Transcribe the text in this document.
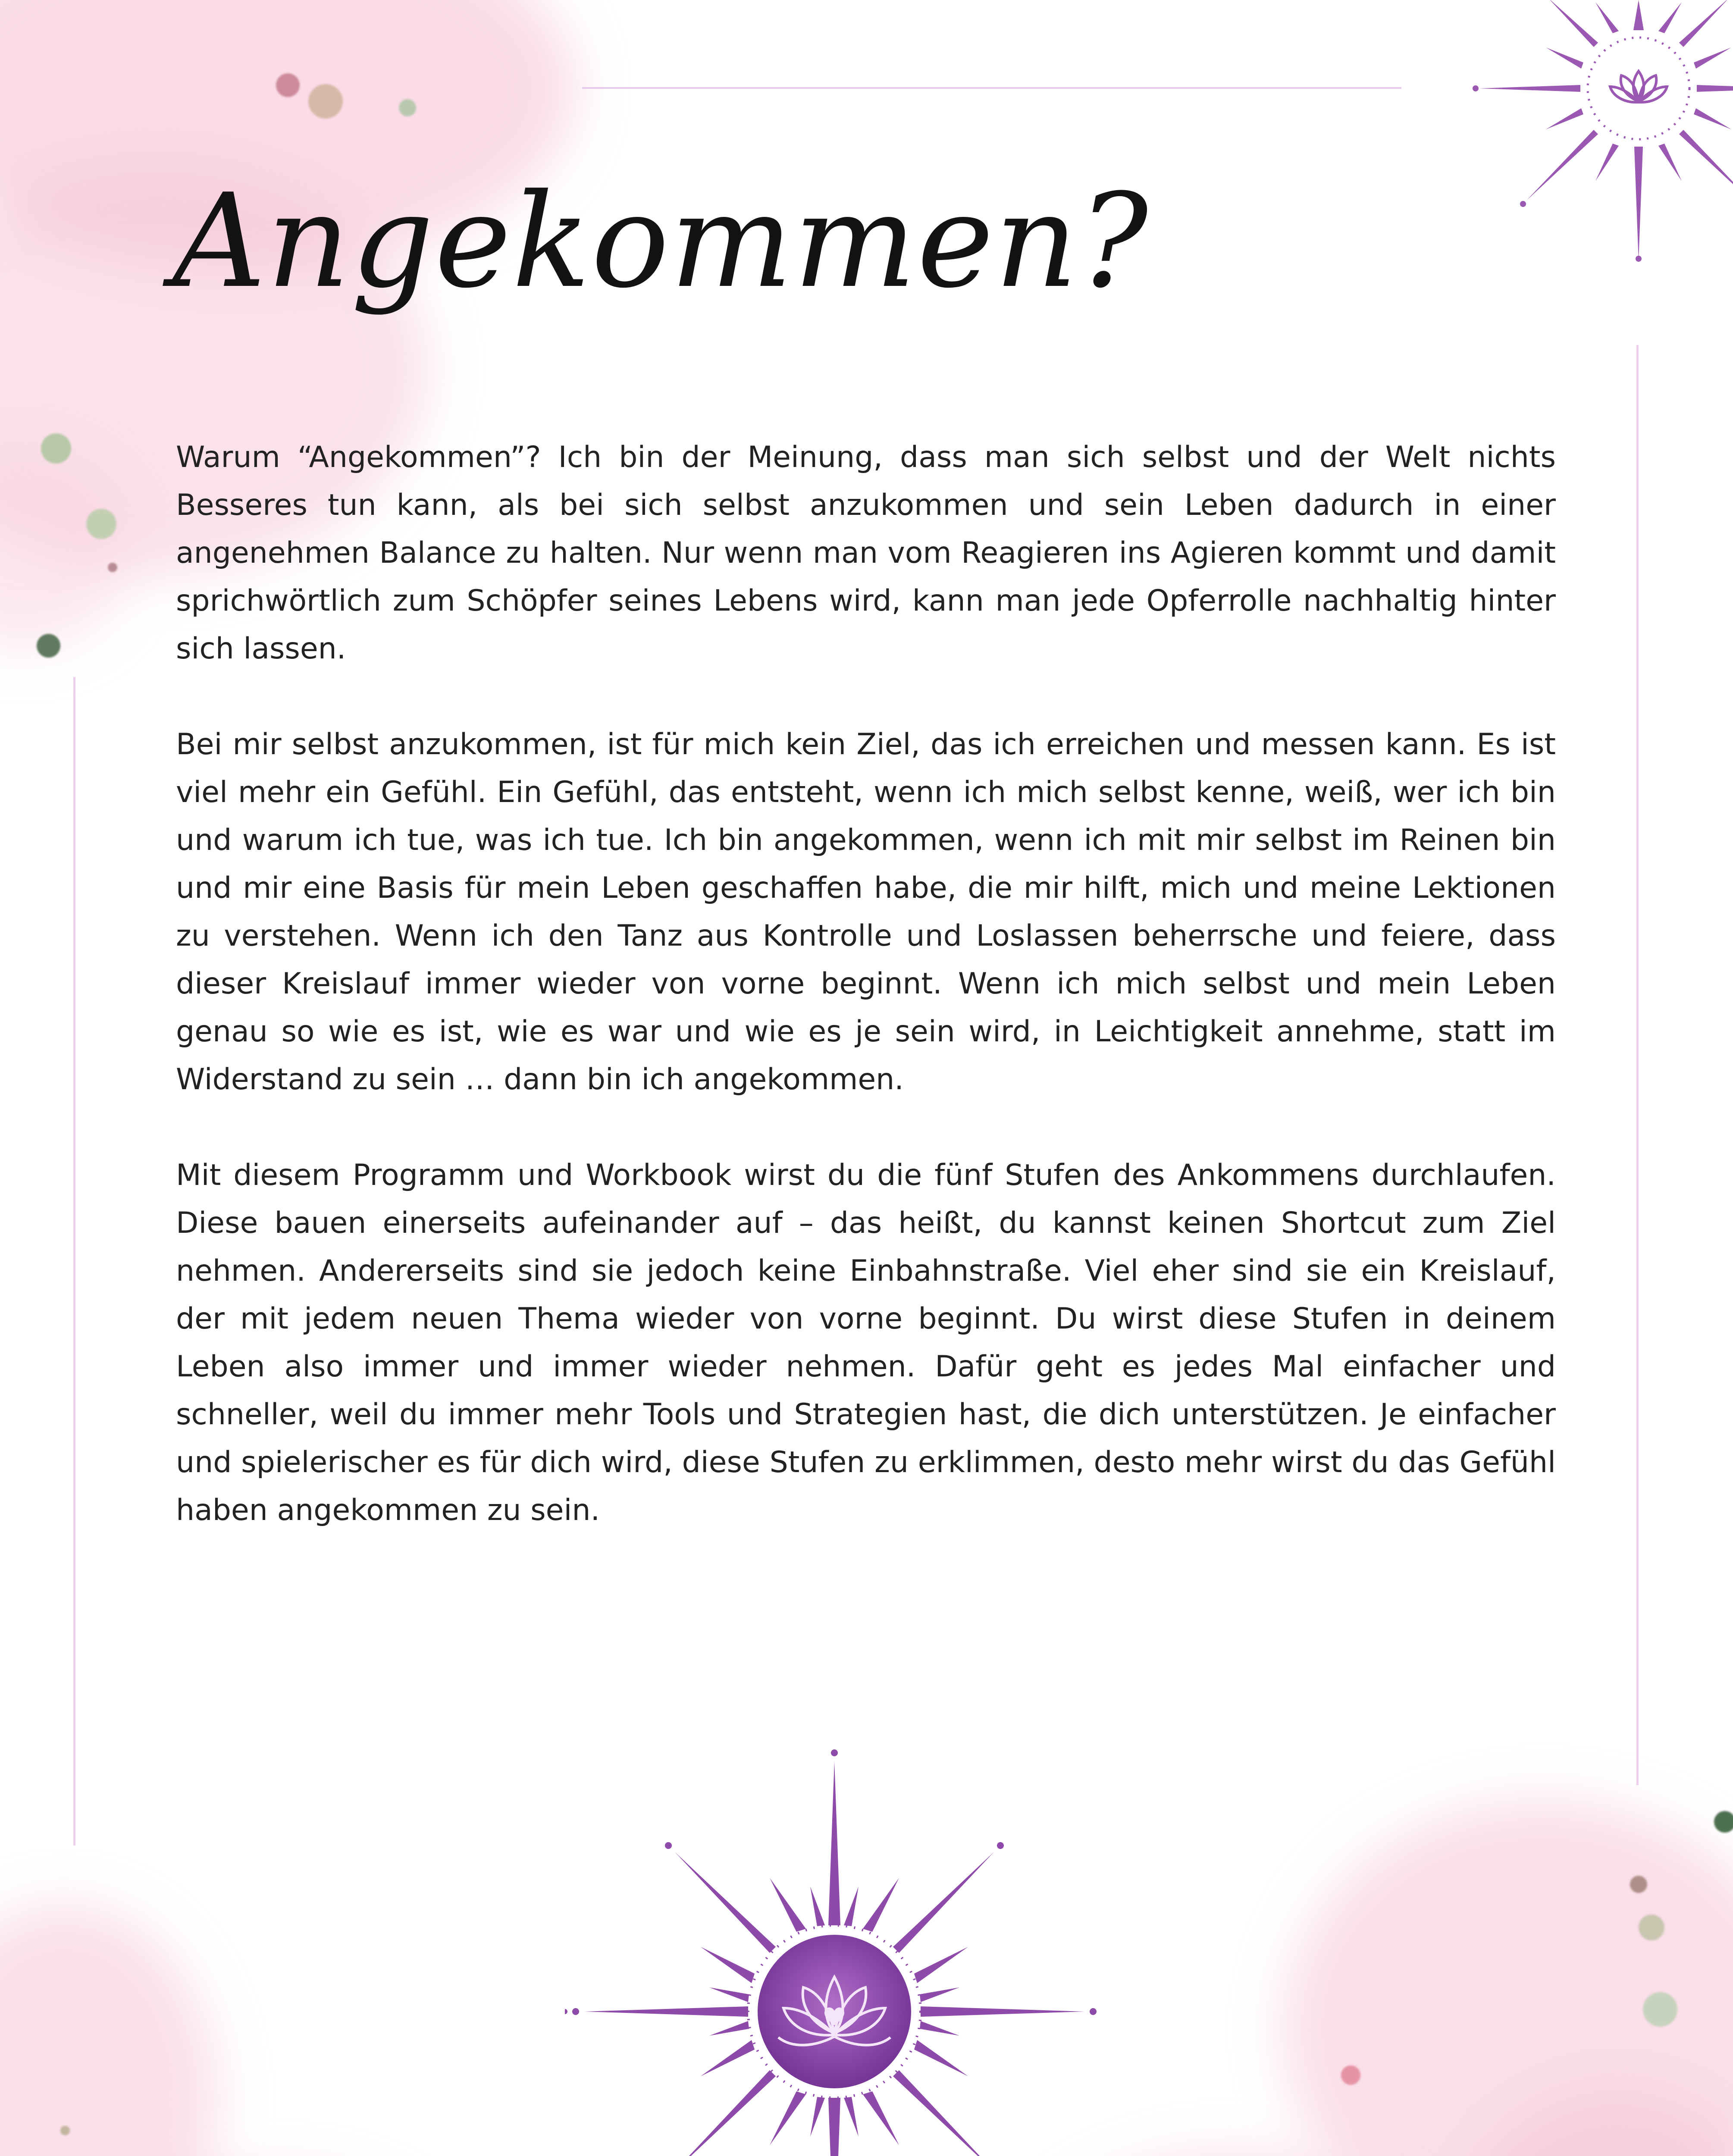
Angekommen?

Warum “Angekommen”? Ich bin der Meinung, dass man sich selbst und der Welt nichts Besseres tun kann, als bei sich selbst anzukommen und sein Leben dadurch in einer angenehmen Balance zu halten. Nur wenn man vom Reagieren ins Agieren kommt und damit sprichwörtlich zum Schöpfer seines Lebens wird, kann man jede Opferrolle nachhaltig hinter sich lassen.

Bei mir selbst anzukommen, ist für mich kein Ziel, das ich erreichen und messen kann. Es ist viel mehr ein Gefühl. Ein Gefühl, das entsteht, wenn ich mich selbst kenne, weiß, wer ich bin und warum ich tue, was ich tue. Ich bin angekommen, wenn ich mit mir selbst im Reinen bin und mir eine Basis für mein Leben geschaffen habe, die mir hilft, mich und meine Lektionen zu verstehen. Wenn ich den Tanz aus Kontrolle und Loslassen beherrsche und feiere, dass dieser Kreislauf immer wieder von vorne beginnt. Wenn ich mich selbst und mein Leben genau so wie es ist, wie es war und wie es je sein wird, in Leichtigkeit annehme, statt im Widerstand zu sein … dann bin ich angekommen.

Mit diesem Programm und Workbook wirst du die fünf Stufen des Ankommens durchlaufen. Diese bauen einerseits aufeinander auf – das heißt, du kannst keinen Shortcut zum Ziel nehmen. Andererseits sind sie jedoch keine Einbahnstraße. Viel eher sind sie ein Kreislauf, der mit jedem neuen Thema wieder von vorne beginnt. Du wirst diese Stufen in deinem Leben also immer und immer wieder nehmen. Dafür geht es jedes Mal einfacher und schneller, weil du immer mehr Tools und Strategien hast, die dich unterstützen. Je einfacher und spielerischer es für dich wird, diese Stufen zu erklimmen, desto mehr wirst du das Gefühl haben angekommen zu sein.
